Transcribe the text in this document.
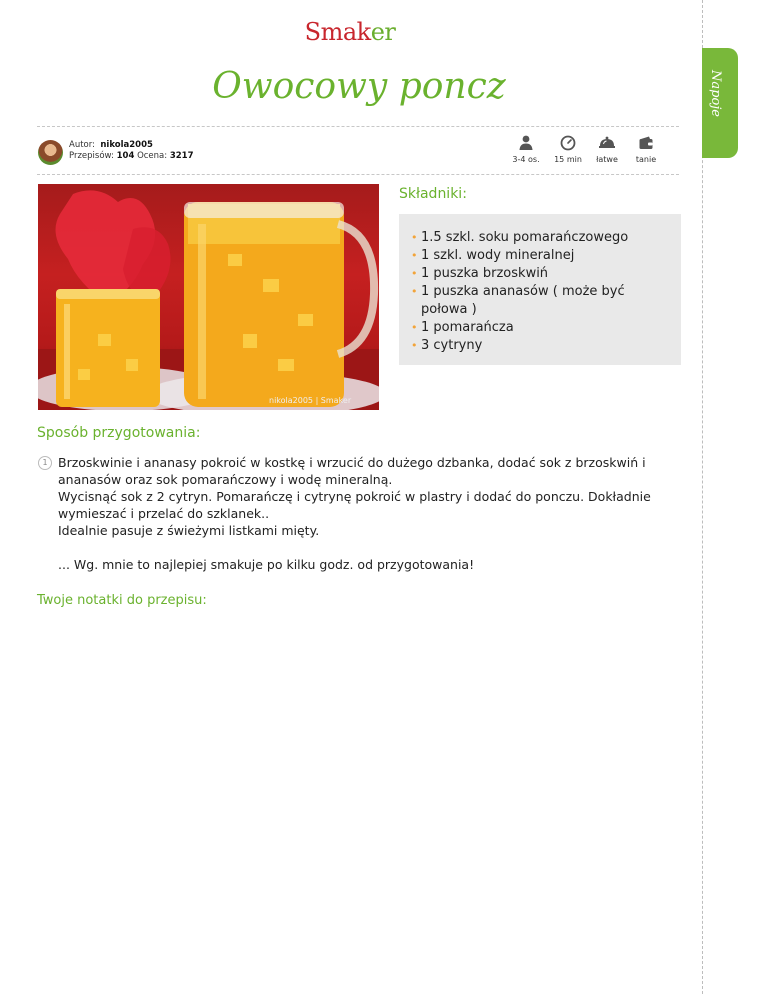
Smaker
Owocowy poncz	Napoje
Autor: nikola2005
Przepisów: 104 Ocena: 3217	3-4 os.	15 min	łatwe	tanie
nikola2005 | Smaker
Składniki:
• 1.5 szkl. soku pomarańczowego
• 1 szkl. wody mineralnej
• 1 puszka brzoskwiń
• 1 puszka ananasów ( może być połowa )
• 1 pomarańcza
• 3 cytryny
Sposób przygotowania:
1 Brzoskwinie i ananasy pokroić w kostkę i wrzucić do dużego dzbanka, dodać sok z brzoskwiń i ananasów oraz sok pomarańczowy i wodę mineralną.

Wycisnąć sok z 2 cytryn. Pomarańczę i cytrynę pokroić w plastry i dodać do ponczu. Dokładnie wymieszać i przelać do szklanek..

Idealnie pasuje z świeżymi listkami mięty.

... Wg. mnie to najlepiej smakuje po kilku godz. od przygotowania!

Twoje notatki do przepisu:
